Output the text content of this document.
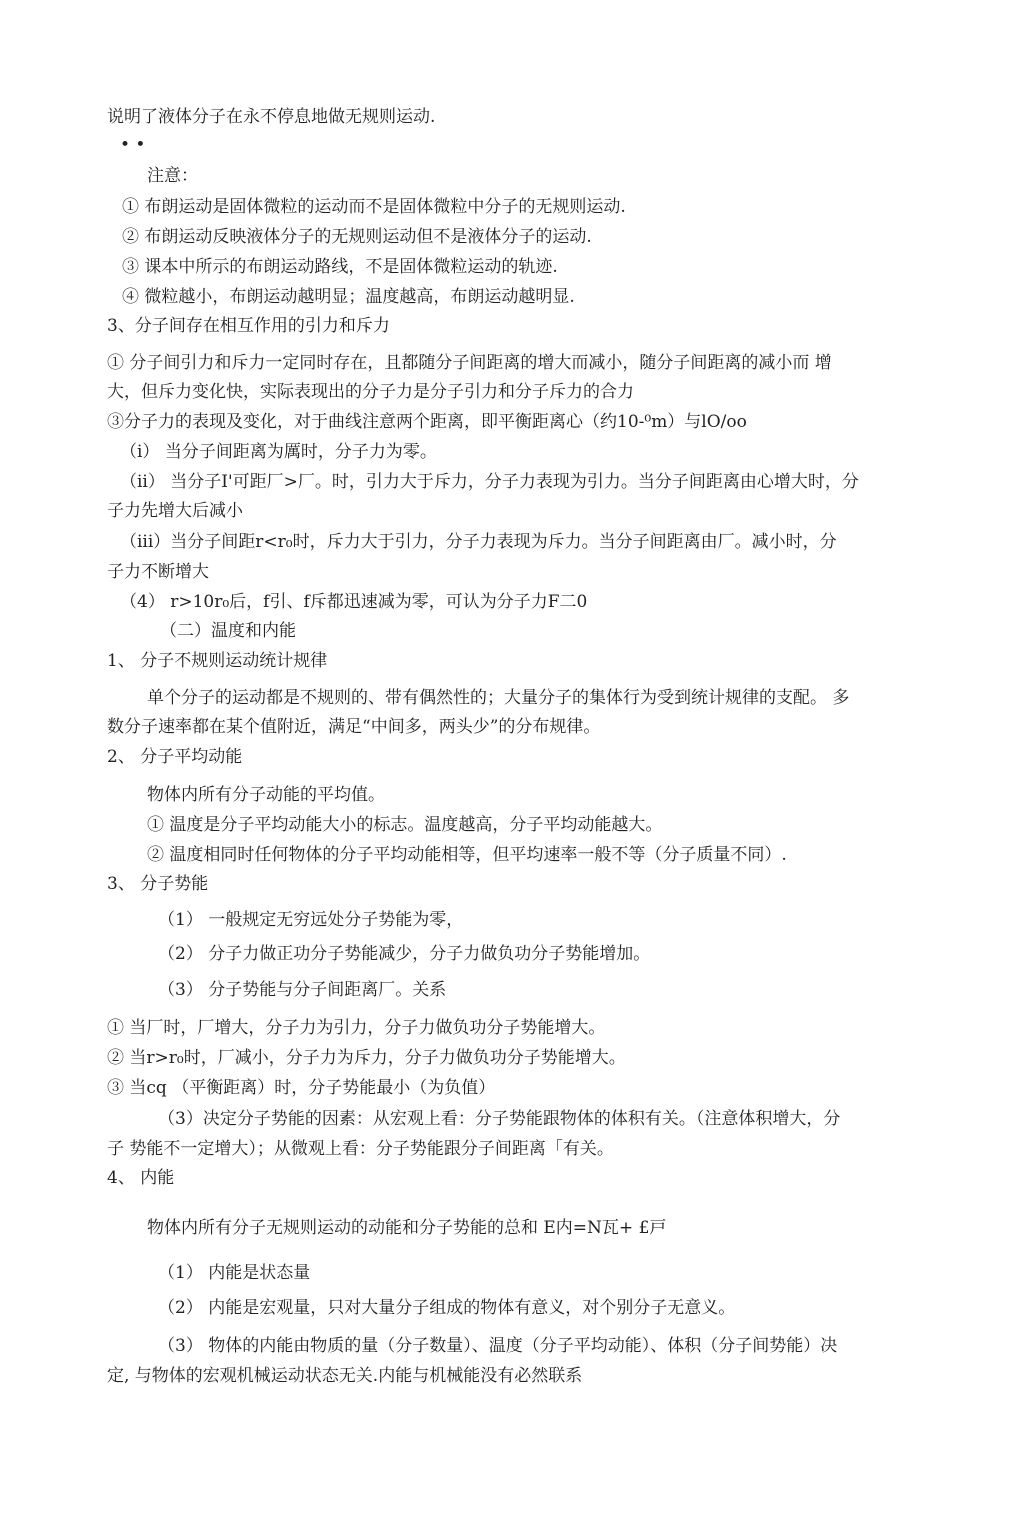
说明了液体分子在永不停息地做无规则运动.
• •
注意：
① 布朗运动是固体微粒的运动而不是固体微粒中分子的无规则运动.
② 布朗运动反映液体分子的无规则运动但不是液体分子的运动.
③ 课本中所示的布朗运动路线，不是固体微粒运动的轨迹.
④ 微粒越小，布朗运动越明显；温度越高，布朗运动越明显.
3、分子间存在相互作用的引力和斥力
① 分子间引力和斥力一定同时存在，且都随分子间距离的增大而减小，随分子间距离的减小而 增
大，但斥力变化快，实际表现出的分子力是分子引力和分子斥力的合力
③分子力的表现及变化，对于曲线注意两个距离，即平衡距离心（约10-⁰m）与lO/oo
（i） 当分子间距离为厲时，分子力为零。
（ii） 当分子I'可距厂>厂。时，引力大于斥力，分子力表现为引力。当分子间距离由心增大时，分
子力先增大后减小
（iii）当分子间距r<r₀时，斥力大于引力，分子力表现为斥力。当分子间距离由厂。减小时，分
子力不断增大
（4） r>10r₀后，f引、f斥都迅速减为零，可认为分子力F二0
（二）温度和内能
1、 分子不规则运动统计规律
单个分子的运动都是不规则的、带有偶然性的；大量分子的集体行为受到统计规律的支配。 多
数分子速率都在某个值附近，满足“中间多，两头少”的分布规律。
2、 分子平均动能
物体内所有分子动能的平均值。
① 温度是分子平均动能大小的标志。温度越高，分子平均动能越大。
② 温度相同时任何物体的分子平均动能相等，但平均速率一般不等（分子质量不同）.
3、 分子势能
（1） 一般规定无穷远处分子势能为零，
（2） 分子力做正功分子势能减少，分子力做负功分子势能增加。
（3） 分子势能与分子间距离厂。关系
① 当厂时，厂增大，分子力为引力，分子力做负功分子势能增大。
② 当r>r₀时，厂减小，分子力为斥力，分子力做负功分子势能增大。
③ 当cq （平衡距离）时，分子势能最小（为负值）
（3）决定分子势能的因素：从宏观上看：分子势能跟物体的体积有关。（注意体积增大，分
子 势能不一定增大）；从微观上看：分子势能跟分子间距离「有关。
4、 内能
物体内所有分子无规则运动的动能和分子势能的总和 E内=N瓦+ £戸
（1） 内能是状态量
（2） 内能是宏观量，只对大量分子组成的物体有意义，对个别分子无意义。
（3） 物体的内能由物质的量（分子数量）、温度（分子平均动能）、体积（分子间势能）决
定, 与物体的宏观机械运动状态无关.内能与机械能没有必然联系
